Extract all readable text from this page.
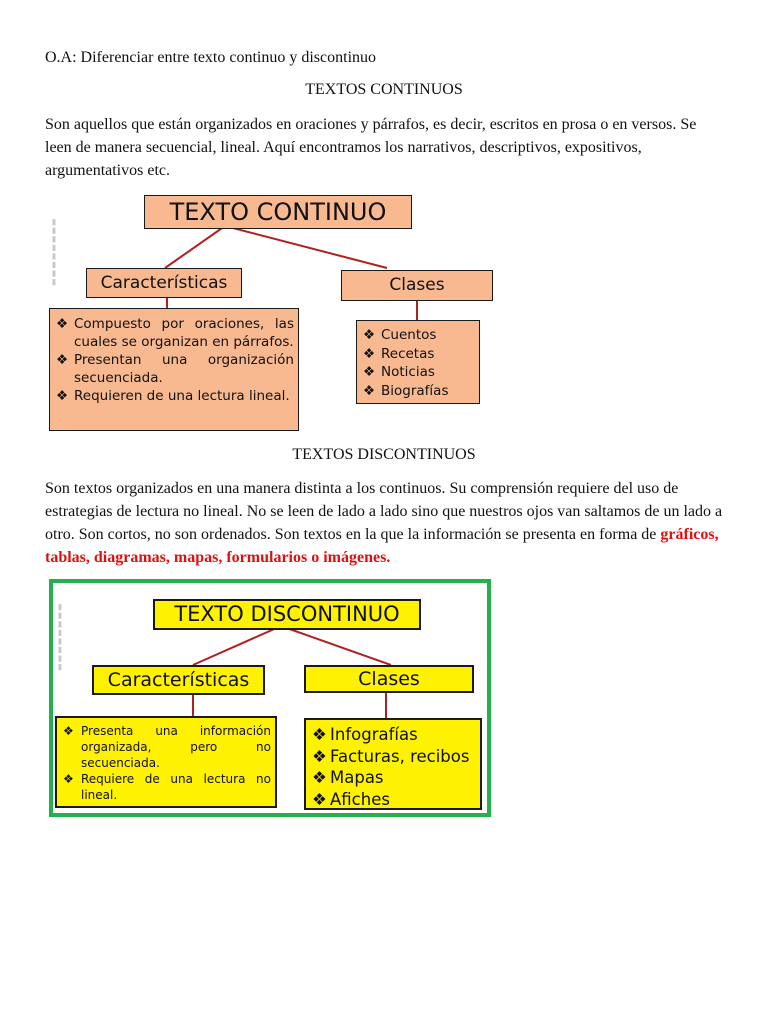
O.A: Diferenciar entre texto continuo y discontinuo
TEXTOS CONTINUOS
Son aquellos que están organizados en oraciones y párrafos, es decir, escritos en prosa o en versos. Se leen de manera secuencial, lineal. Aquí encontramos los narrativos, descriptivos, expositivos, argumentativos etc.
▬▬▬▬▬▬▬▬
TEXTO CONTINUO
Características	Clases
❖ Compuesto por oraciones, las cuales se organizan en párrafos.
❖ Presentan una organización secuenciada.
❖ Requieren de una lectura lineal.
❖ Cuentos
❖ Recetas
❖ Noticias
❖ Biografías
TEXTOS DISCONTINUOS
Son textos organizados en una manera distinta a los continuos. Su comprensión requiere del uso de estrategias de lectura no lineal. No se leen de lado a lado sino que nuestros ojos van saltamos de un lado a otro. Son cortos, no son ordenados. Son textos en la que la información se presenta en forma de gráficos, tablas, diagramas, mapas, formularios o imágenes.
▬▬▬▬▬▬▬▬	TEXTO DISCONTINUO
Características	Clases
❖ Presenta una información organizada, pero no secuenciada.
❖ Requiere de una lectura no lineal.
❖ Infografías
❖ Facturas, recibos
❖ Mapas
❖ Afiches
